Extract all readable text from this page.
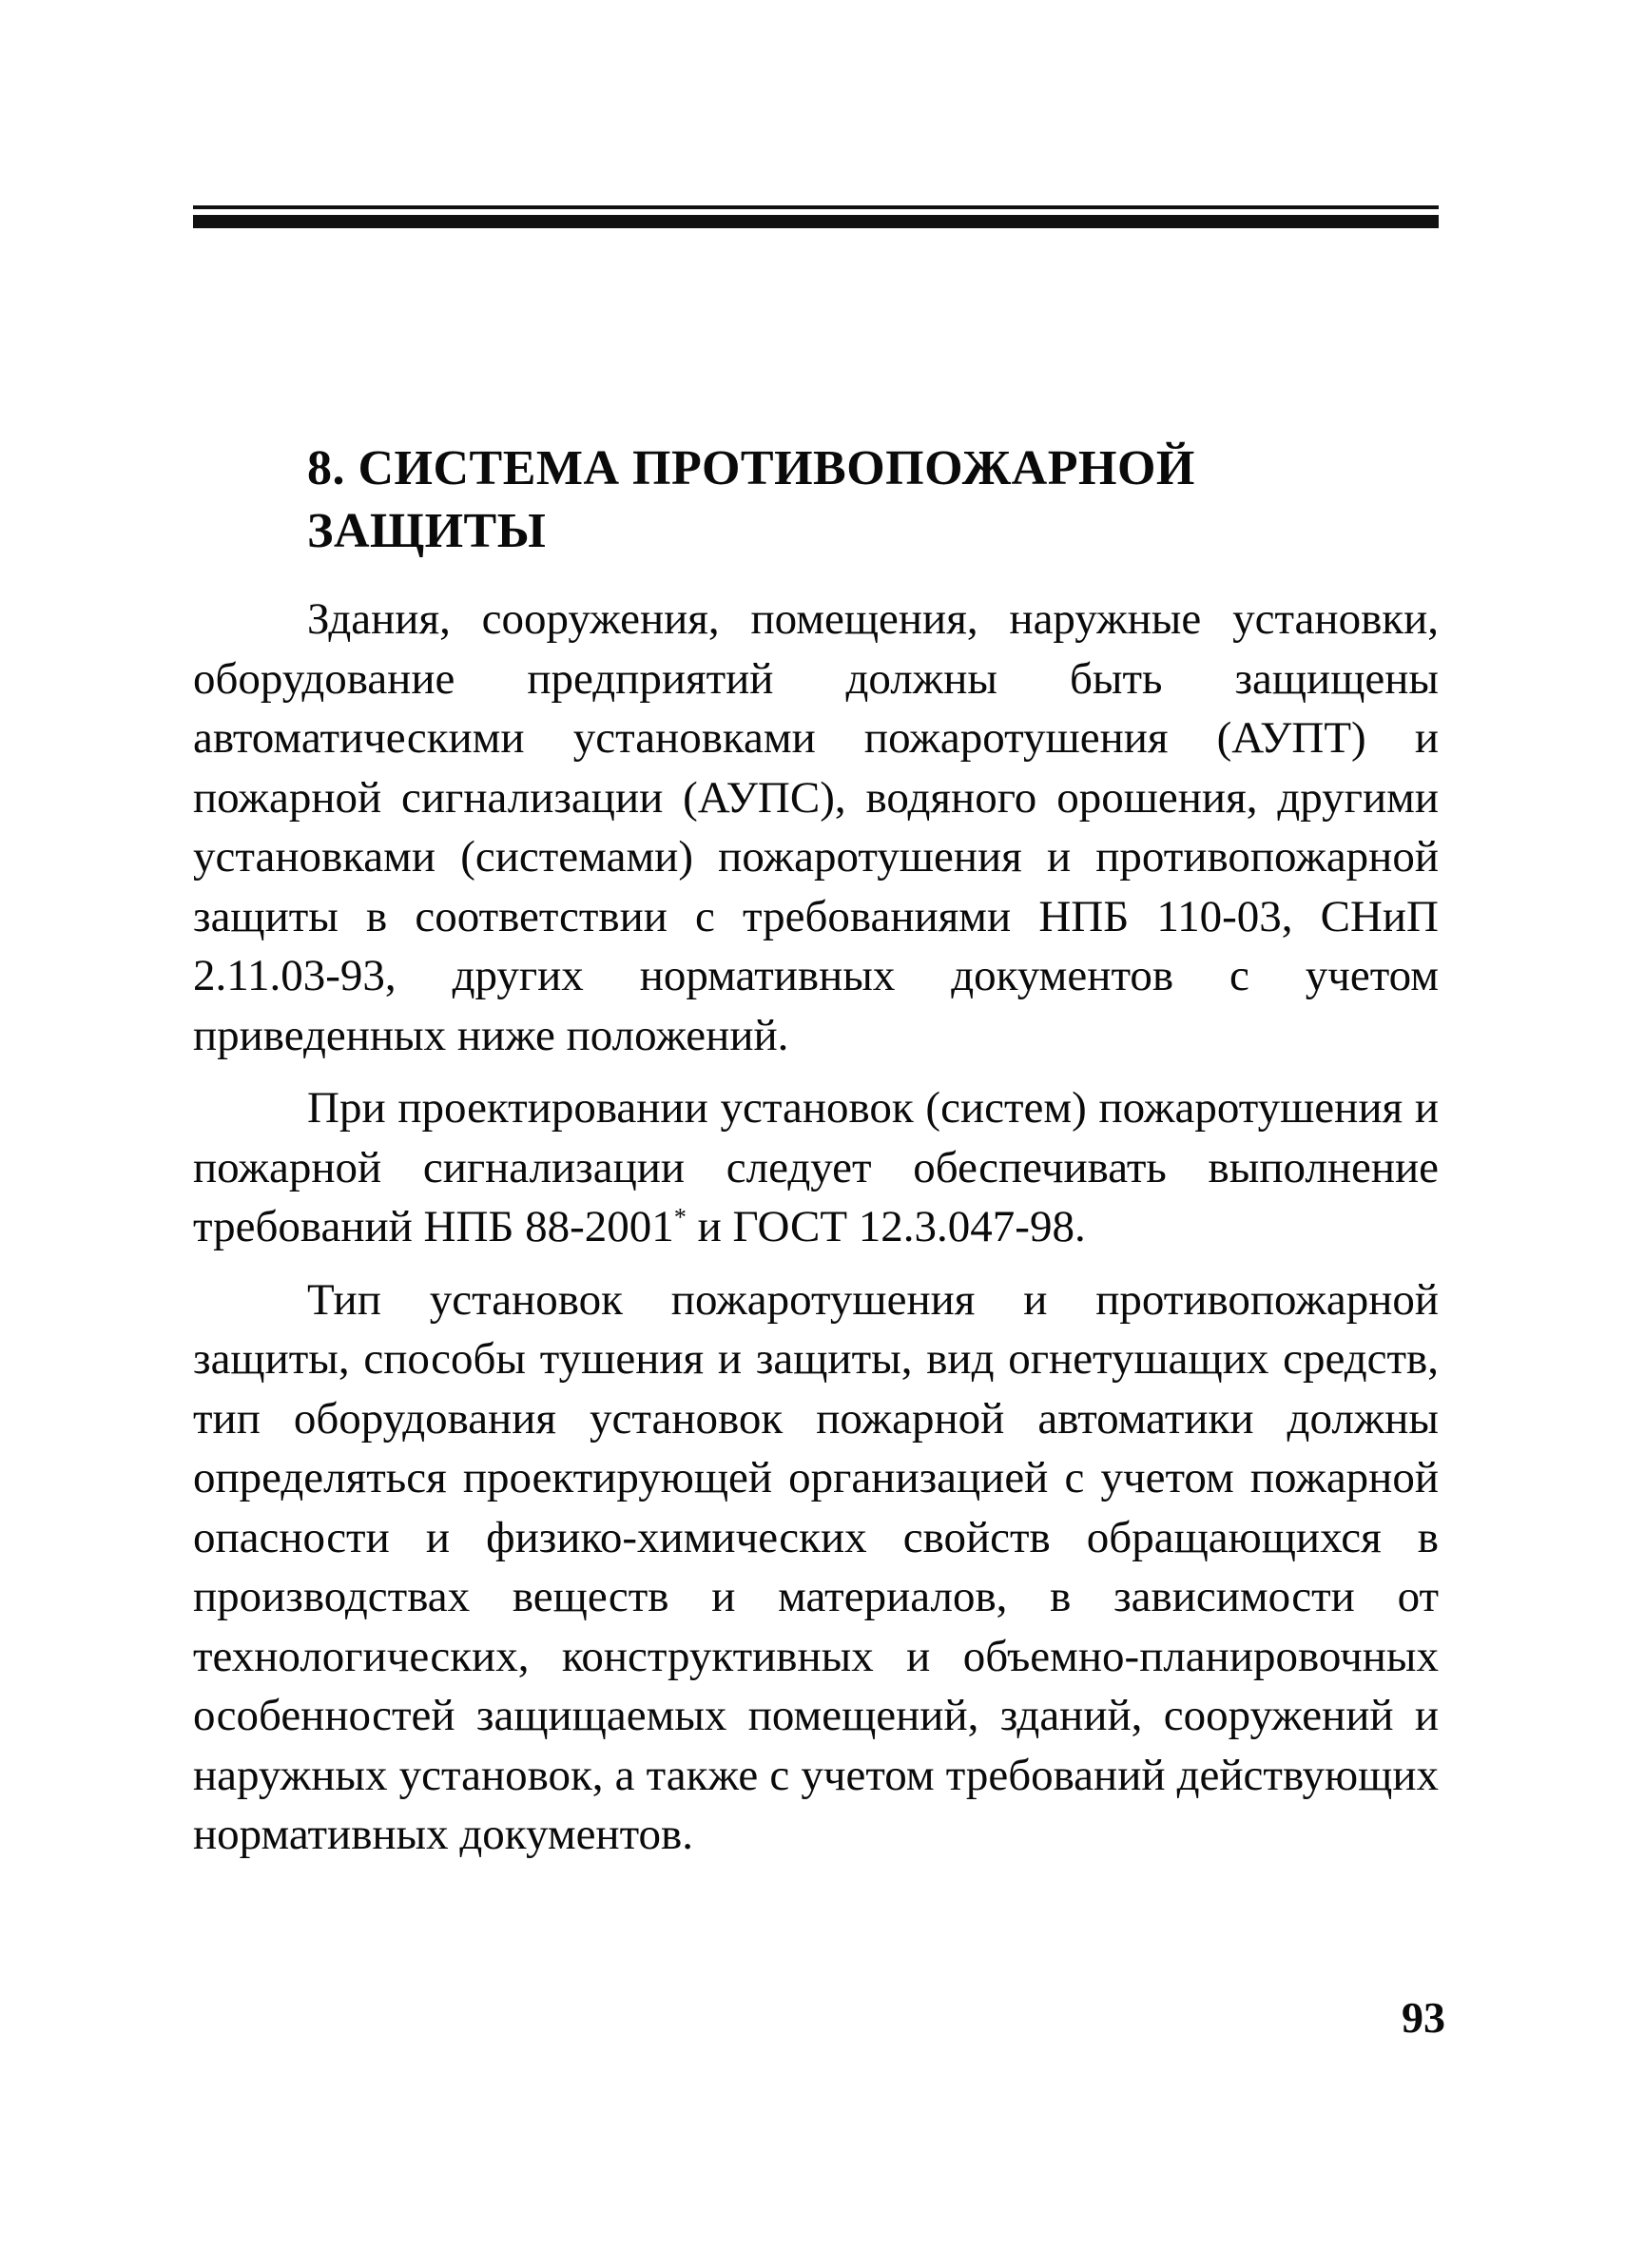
8. СИСТЕМА ПРОТИВОПОЖАРНОЙ
ЗАЩИТЫ

Здания, сооружения, помещения, наружные установки, оборудование предприятий должны быть защищены автоматическими установками пожаротушения (АУПТ) и пожарной сигнализации (АУПС), водяного орошения, другими установками (системами) пожаротушения и противопожарной защиты в соответствии с требованиями НПБ 110-03, СНиП 2.11.03-93, других нормативных документов с учетом приведенных ниже положений.

При проектировании установок (систем) пожаротушения и пожарной сигнализации следует обеспечивать выполнение требований НПБ 88-2001* и ГОСТ 12.3.047-98.

Тип установок пожаротушения и противопожарной защиты, способы тушения и защиты, вид огнетушащих средств, тип оборудования установок пожарной автоматики должны определяться проектирующей организацией с учетом пожарной опасности и физико-химических свойств обращающихся в производствах веществ и материалов, в зависимости от технологических, конструктивных и объемно-планировочных особенностей защищаемых помещений, зданий, сооружений и наружных установок, а также с учетом требований действующих нормативных документов.

93
